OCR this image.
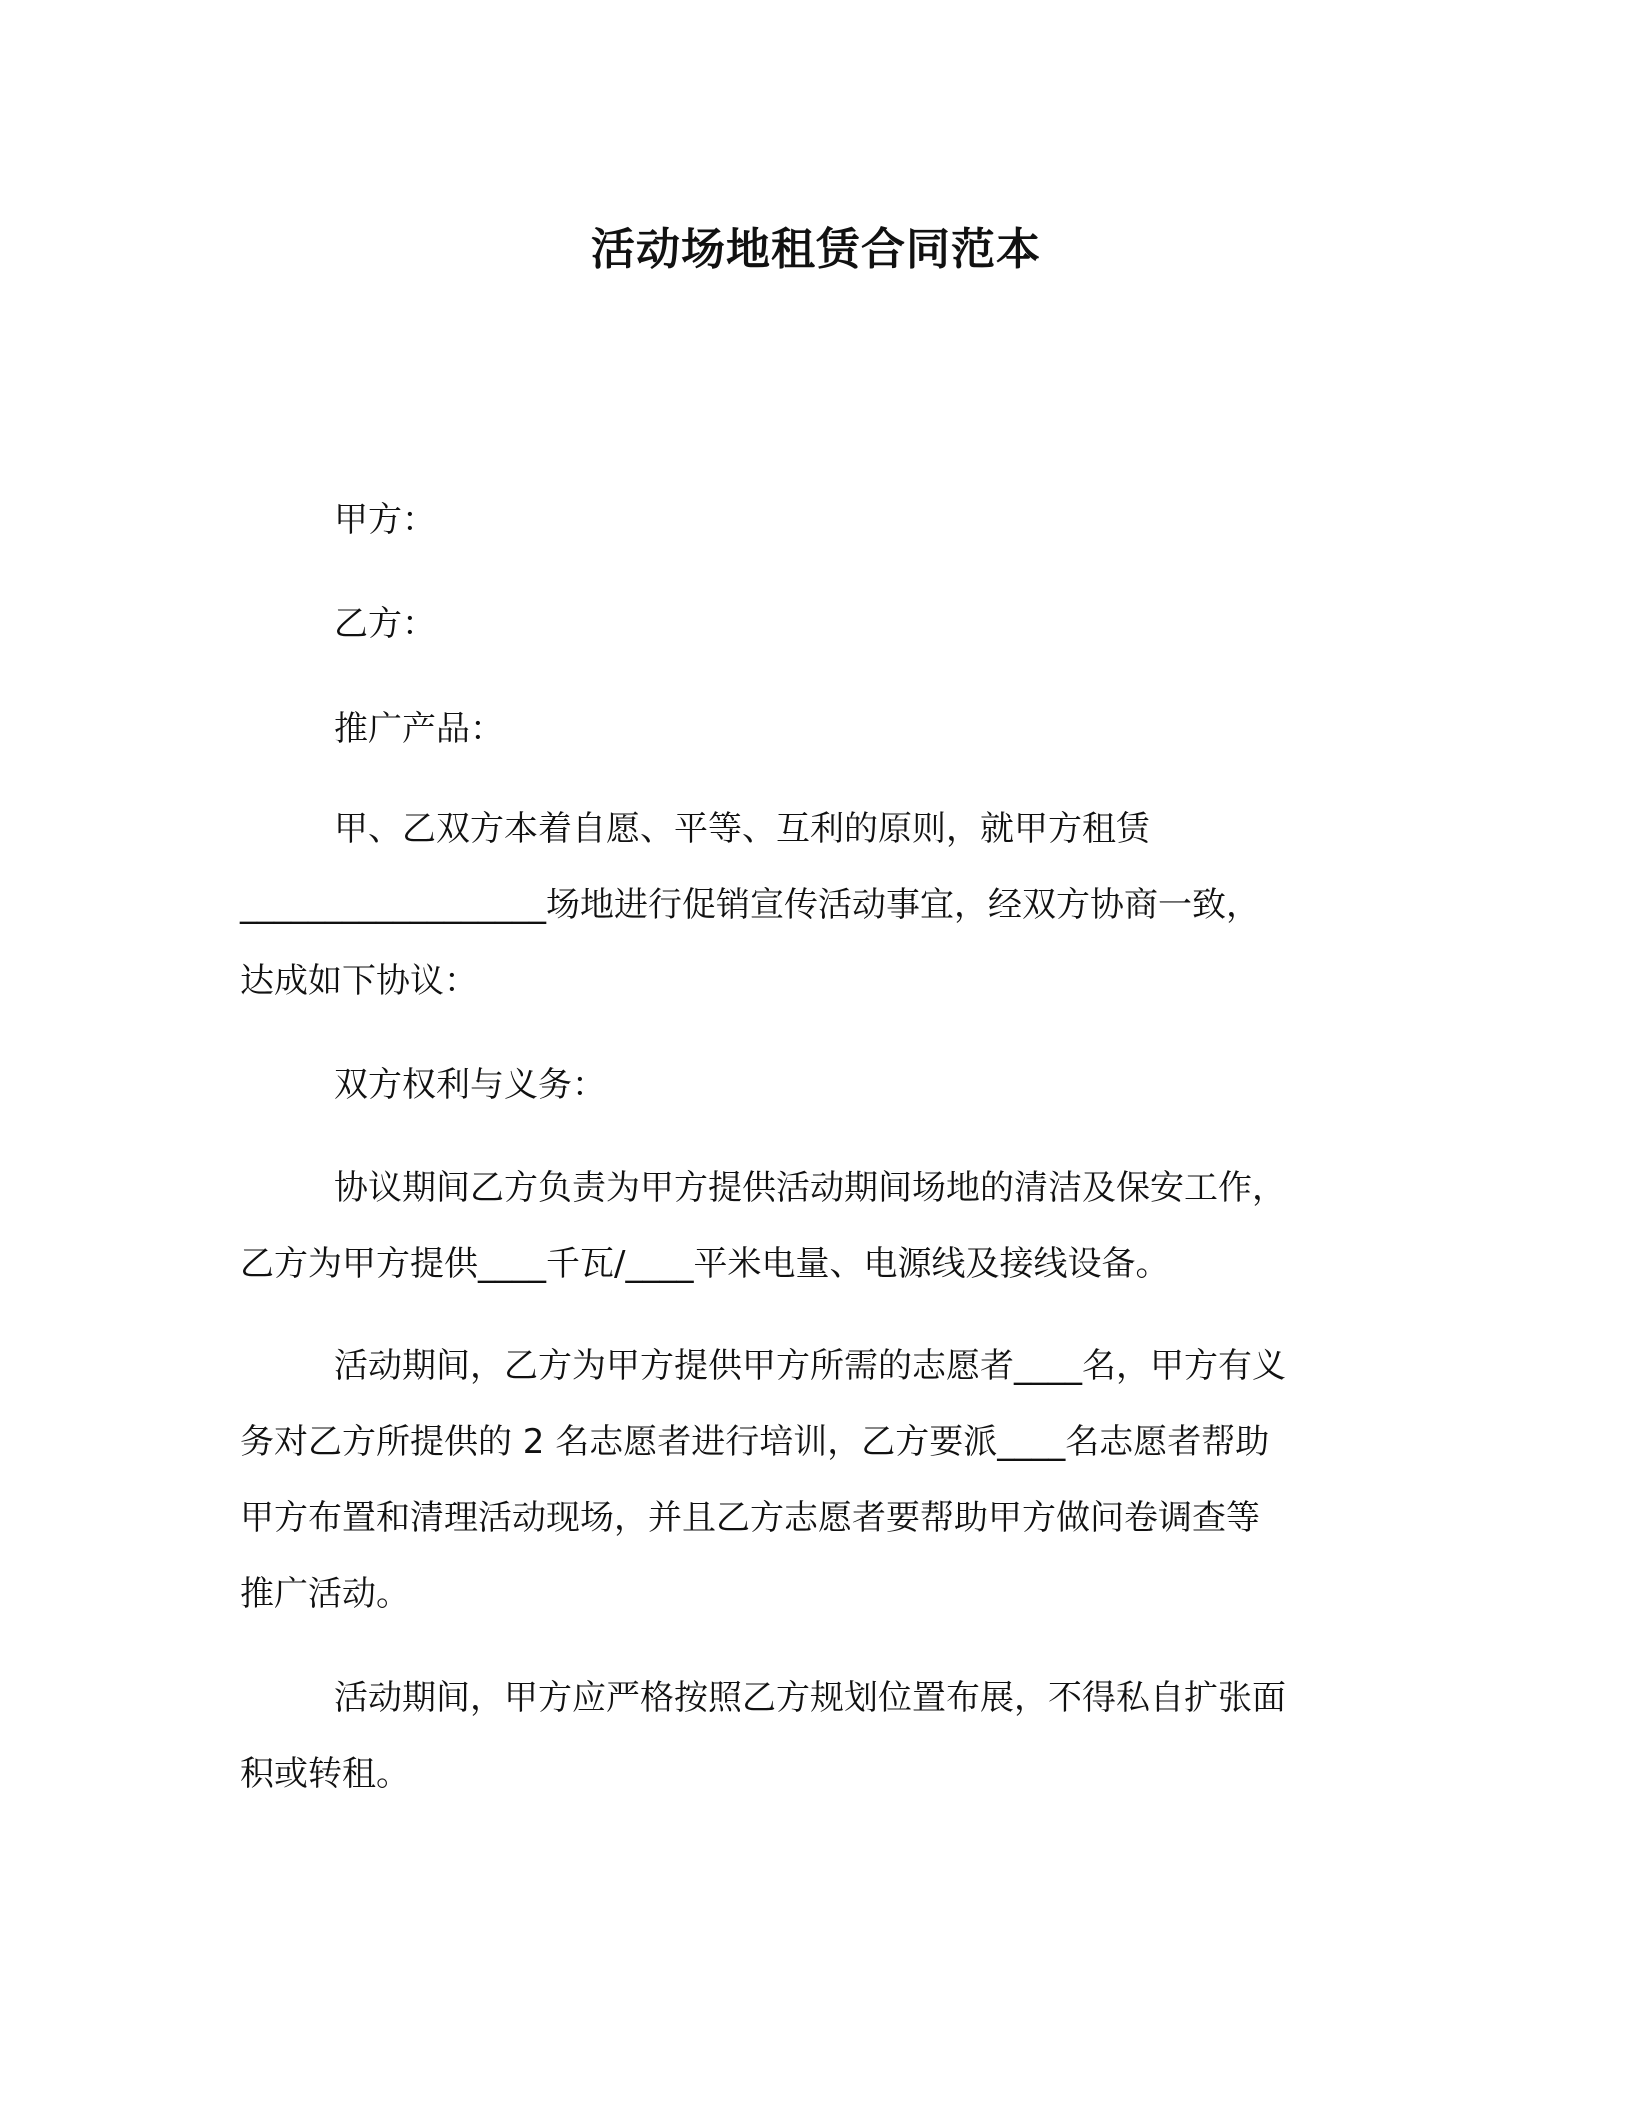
活动场地租赁合同范本
甲方：
乙方：
推广产品：
甲、乙双方本着自愿、平等、互利的原则，就甲方租赁
__________________场地进行促销宣传活动事宜，经双方协商一致，
达成如下协议：
双方权利与义务：
协议期间乙方负责为甲方提供活动期间场地的清洁及保安工作，
乙方为甲方提供____千瓦/____平米电量、电源线及接线设备。
活动期间，乙方为甲方提供甲方所需的志愿者____名，甲方有义
务对乙方所提供的 2 名志愿者进行培训，乙方要派____名志愿者帮助
甲方布置和清理活动现场，并且乙方志愿者要帮助甲方做问卷调查等
推广活动。
活动期间，甲方应严格按照乙方规划位置布展，不得私自扩张面
积或转租。
